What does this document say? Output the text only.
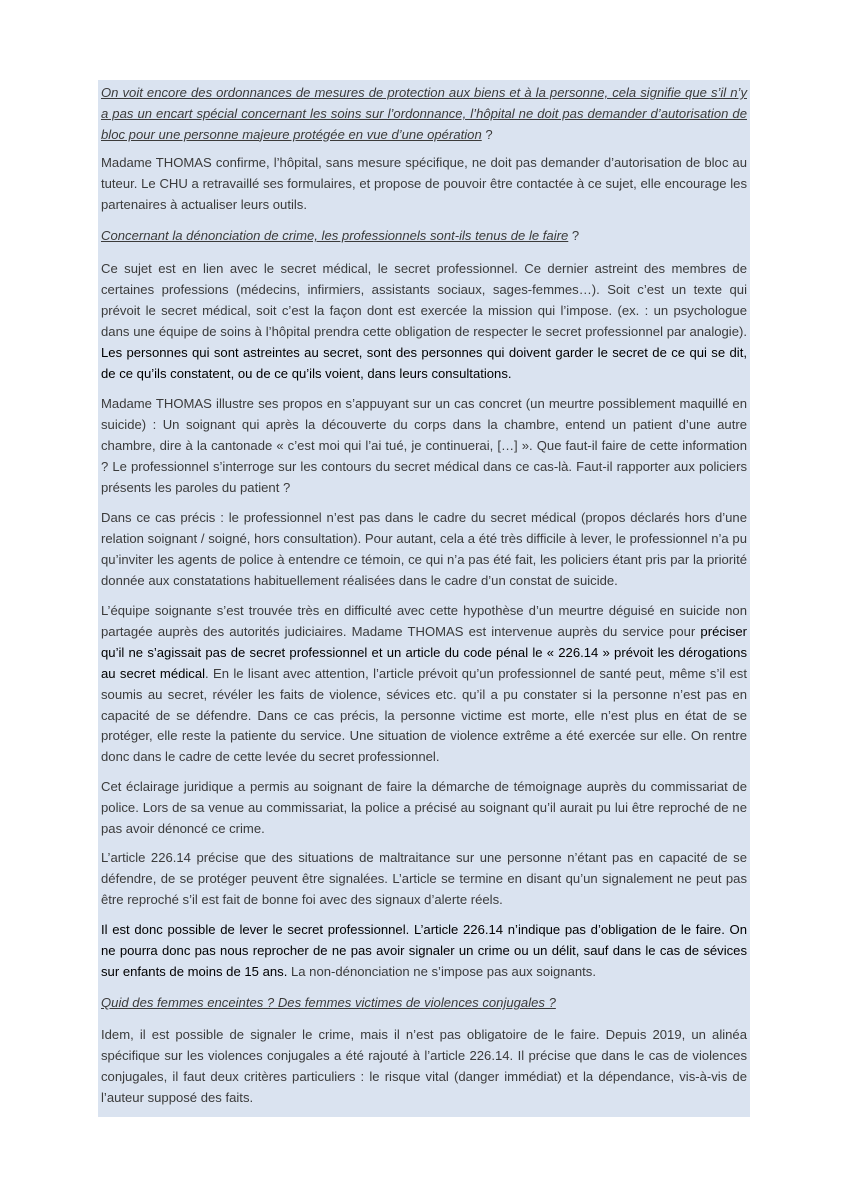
On voit encore des ordonnances de mesures de protection aux biens et à la personne, cela signifie que s’il n’y a pas un encart spécial concernant les soins sur l’ordonnance, l’hôpital ne doit pas demander d’autorisation de bloc pour une personne majeure protégée en vue d’une opération ?

Madame THOMAS confirme, l’hôpital, sans mesure spécifique, ne doit pas demander d’autorisation de bloc au tuteur. Le CHU a retravaillé ses formulaires, et propose de pouvoir être contactée à ce sujet, elle encourage les partenaires à actualiser leurs outils.

Concernant la dénonciation de crime, les professionnels sont-ils tenus de le faire ?

Ce sujet est en lien avec le secret médical, le secret professionnel. Ce dernier astreint des membres de certaines professions (médecins, infirmiers, assistants sociaux, sages-femmes…). Soit c’est un texte qui prévoit le secret médical, soit c’est la façon dont est exercée la mission qui l’impose. (ex. : un psychologue dans une équipe de soins à l’hôpital prendra cette obligation de respecter le secret professionnel par analogie). Les personnes qui sont astreintes au secret, sont des personnes qui doivent garder le secret de ce qui se dit, de ce qu’ils constatent, ou de ce qu’ils voient, dans leurs consultations.

Madame THOMAS illustre ses propos en s’appuyant sur un cas concret (un meurtre possiblement maquillé en suicide) : Un soignant qui après la découverte du corps dans la chambre, entend un patient d’une autre chambre, dire à la cantonade « c’est moi qui l’ai tué, je continuerai, […] ». Que faut-il faire de cette information ? Le professionnel s’interroge sur les contours du secret médical dans ce cas-là. Faut-il rapporter aux policiers présents les paroles du patient ?

Dans ce cas précis : le professionnel n’est pas dans le cadre du secret médical (propos déclarés hors d’une relation soignant / soigné, hors consultation). Pour autant, cela a été très difficile à lever, le professionnel n’a pu qu’inviter les agents de police à entendre ce témoin, ce qui n’a pas été fait, les policiers étant pris par la priorité donnée aux constatations habituellement réalisées dans le cadre d’un constat de suicide.

L’équipe soignante s’est trouvée très en difficulté avec cette hypothèse d’un meurtre déguisé en suicide non partagée auprès des autorités judiciaires. Madame THOMAS est intervenue auprès du service pour préciser qu’il ne s’agissait pas de secret professionnel et un article du code pénal le « 226.14 » prévoit les dérogations au secret médical. En le lisant avec attention, l’article prévoit qu’un professionnel de santé peut, même s’il est soumis au secret, révéler les faits de violence, sévices etc. qu’il a pu constater si la personne n’est pas en capacité de se défendre. Dans ce cas précis, la personne victime est morte, elle n’est plus en état de se protéger, elle reste la patiente du service. Une situation de violence extrême a été exercée sur elle. On rentre donc dans le cadre de cette levée du secret professionnel.

Cet éclairage juridique a permis au soignant de faire la démarche de témoignage auprès du commissariat de police. Lors de sa venue au commissariat, la police a précisé au soignant qu’il aurait pu lui être reproché de ne pas avoir dénoncé ce crime.

L’article 226.14 précise que des situations de maltraitance sur une personne n’étant pas en capacité de se défendre, de se protéger peuvent être signalées. L’article se termine en disant qu’un signalement ne peut pas être reproché s’il est fait de bonne foi avec des signaux d’alerte réels.

Il est donc possible de lever le secret professionnel. L’article 226.14 n’indique pas d’obligation de le faire. On ne pourra donc pas nous reprocher de ne pas avoir signaler un crime ou un délit, sauf dans le cas de sévices sur enfants de moins de 15 ans. La non-dénonciation ne s’impose pas aux soignants.

Quid des femmes enceintes ? Des femmes victimes de violences conjugales ?

Idem, il est possible de signaler le crime, mais il n’est pas obligatoire de le faire. Depuis 2019, un alinéa spécifique sur les violences conjugales a été rajouté à l’article 226.14. Il précise que dans le cas de violences conjugales, il faut deux critères particuliers : le risque vital (danger immédiat) et la dépendance, vis-à-vis de l’auteur supposé des faits.
